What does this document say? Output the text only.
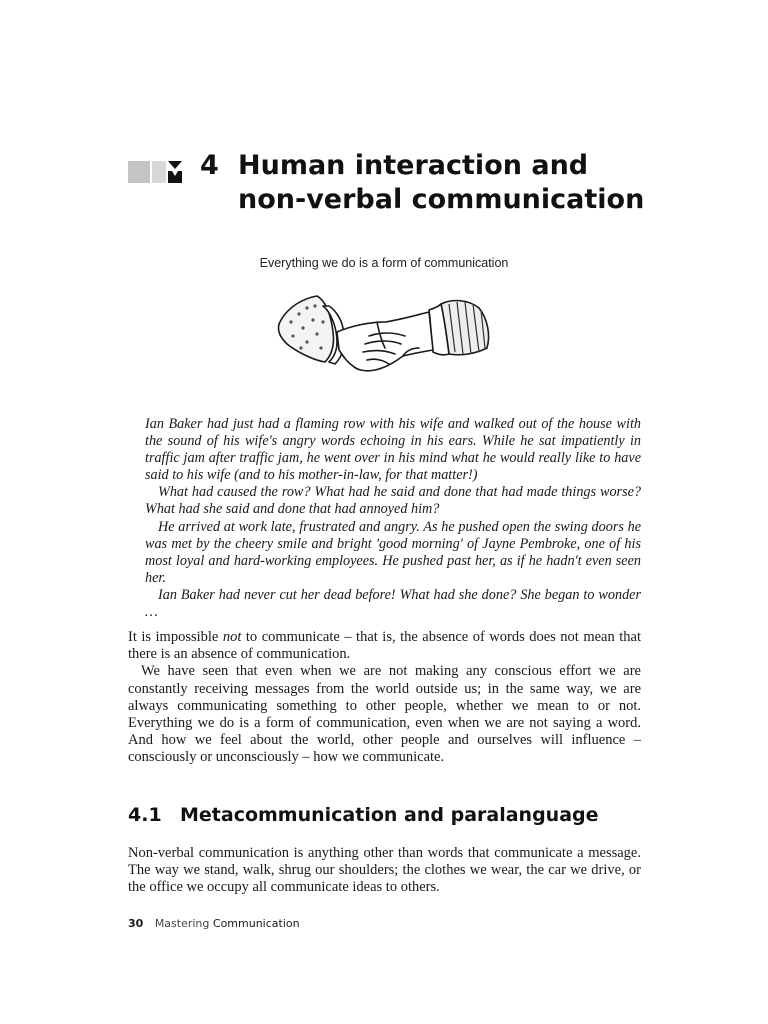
4 Human interaction and
non-verbal communication
Everything we do is a form of communication

Ian Baker had just had a flaming row with his wife and walked out of the house with the sound of his wife's angry words echoing in his ears. While he sat impatiently in traffic jam after traffic jam, he went over in his mind what he would really like to have said to his wife (and to his mother-in-law, for that matter!)

What had caused the row? What had he said and done that had made things worse? What had she said and done that had annoyed him?

He arrived at work late, frustrated and angry. As he pushed open the swing doors he was met by the cheery smile and bright 'good morning' of Jayne Pembroke, one of his most loyal and hard-working employees. He pushed past her, as if he hadn't even seen her.

Ian Baker had never cut her dead before! What had she done? She began to wonder …

It is impossible not to communicate – that is, the absence of words does not mean that there is an absence of communication.

We have seen that even when we are not making any conscious effort we are constantly receiving messages from the world outside us; in the same way, we are always communicating something to other people, whether we mean to or not. Everything we do is a form of communication, even when we are not saying a word. And how we feel about the world, other people and ourselves will influence – consciously or unconsciously – how we communicate.

4.1 Metacommunication and paralanguage

Non-verbal communication is anything other than words that communicate a message. The way we stand, walk, shrug our shoulders; the clothes we wear, the car we drive, or the office we occupy all communicate ideas to others.

30 Mastering Communication
